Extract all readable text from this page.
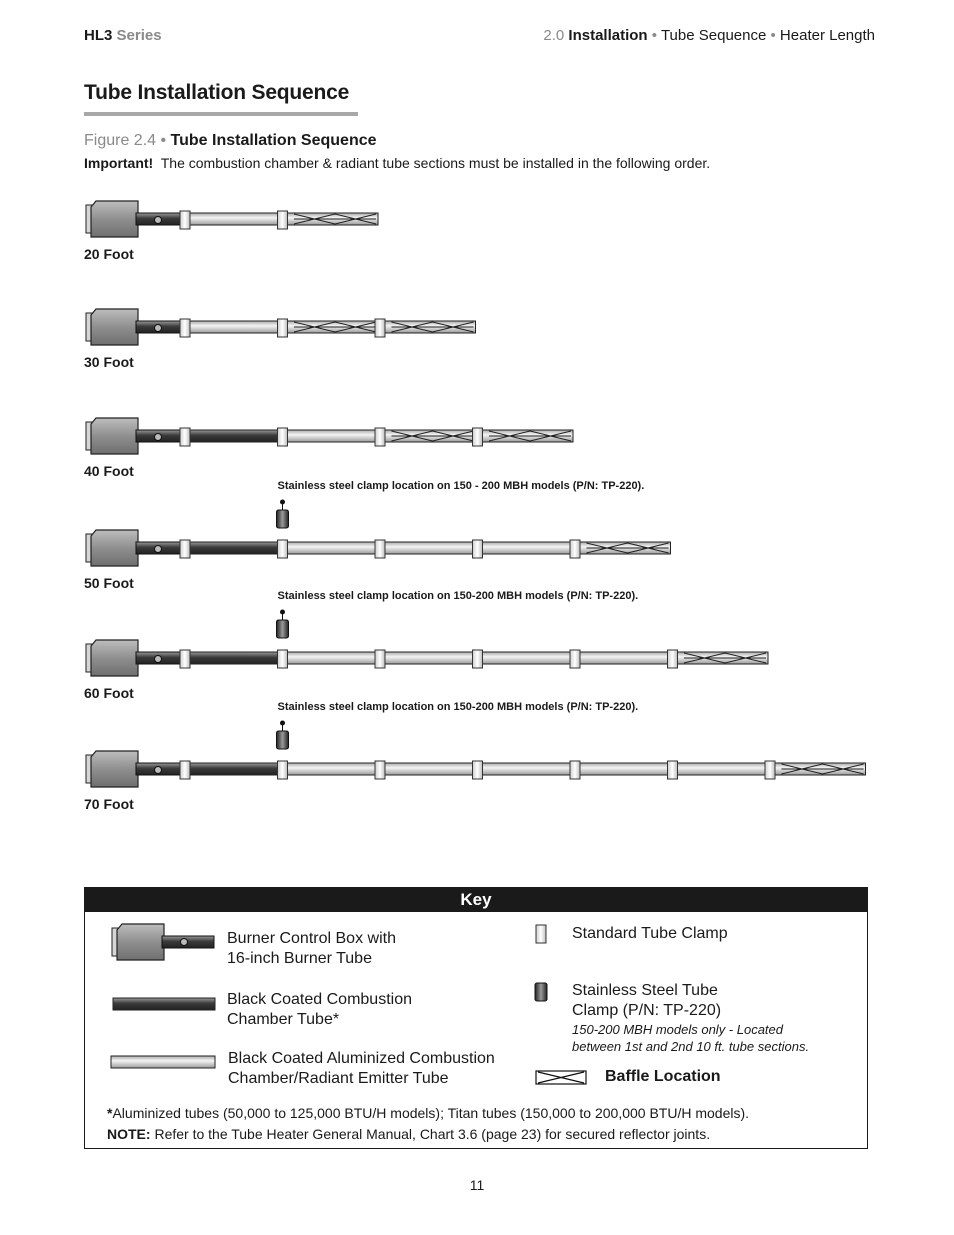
HL3 Series	2.0 Installation • Tube Sequence • Heater Length
Tube Installation Sequence
Figure 2.4 • Tube Installation Sequence
Important! The combustion chamber & radiant tube sections must be installed in the following order.
20 Foot
30 Foot
40 Foot
50 Foot
Stainless steel clamp location on 150 - 200 MBH models (P/N: TP-220).
60 Foot
Stainless steel clamp location on 150-200 MBH models (P/N: TP-220).
70 Foot
Stainless steel clamp location on 150-200 MBH models (P/N: TP-220).
Key
Burner Control Box with
16-inch Burner Tube
Black Coated Combustion
Chamber Tube*
Black Coated Aluminized Combustion
Chamber/Radiant Emitter Tube
Standard Tube Clamp
Stainless Steel Tube
Clamp (P/N: TP-220)
150-200 MBH models only - Located
between 1st and 2nd 10 ft. tube sections.
Baffle Location
*Aluminized tubes (50,000 to 125,000 BTU/H models); Titan tubes (150,000 to 200,000 BTU/H models).
NOTE: Refer to the Tube Heater General Manual, Chart 3.6 (page 23) for secured reflector joints.
11
